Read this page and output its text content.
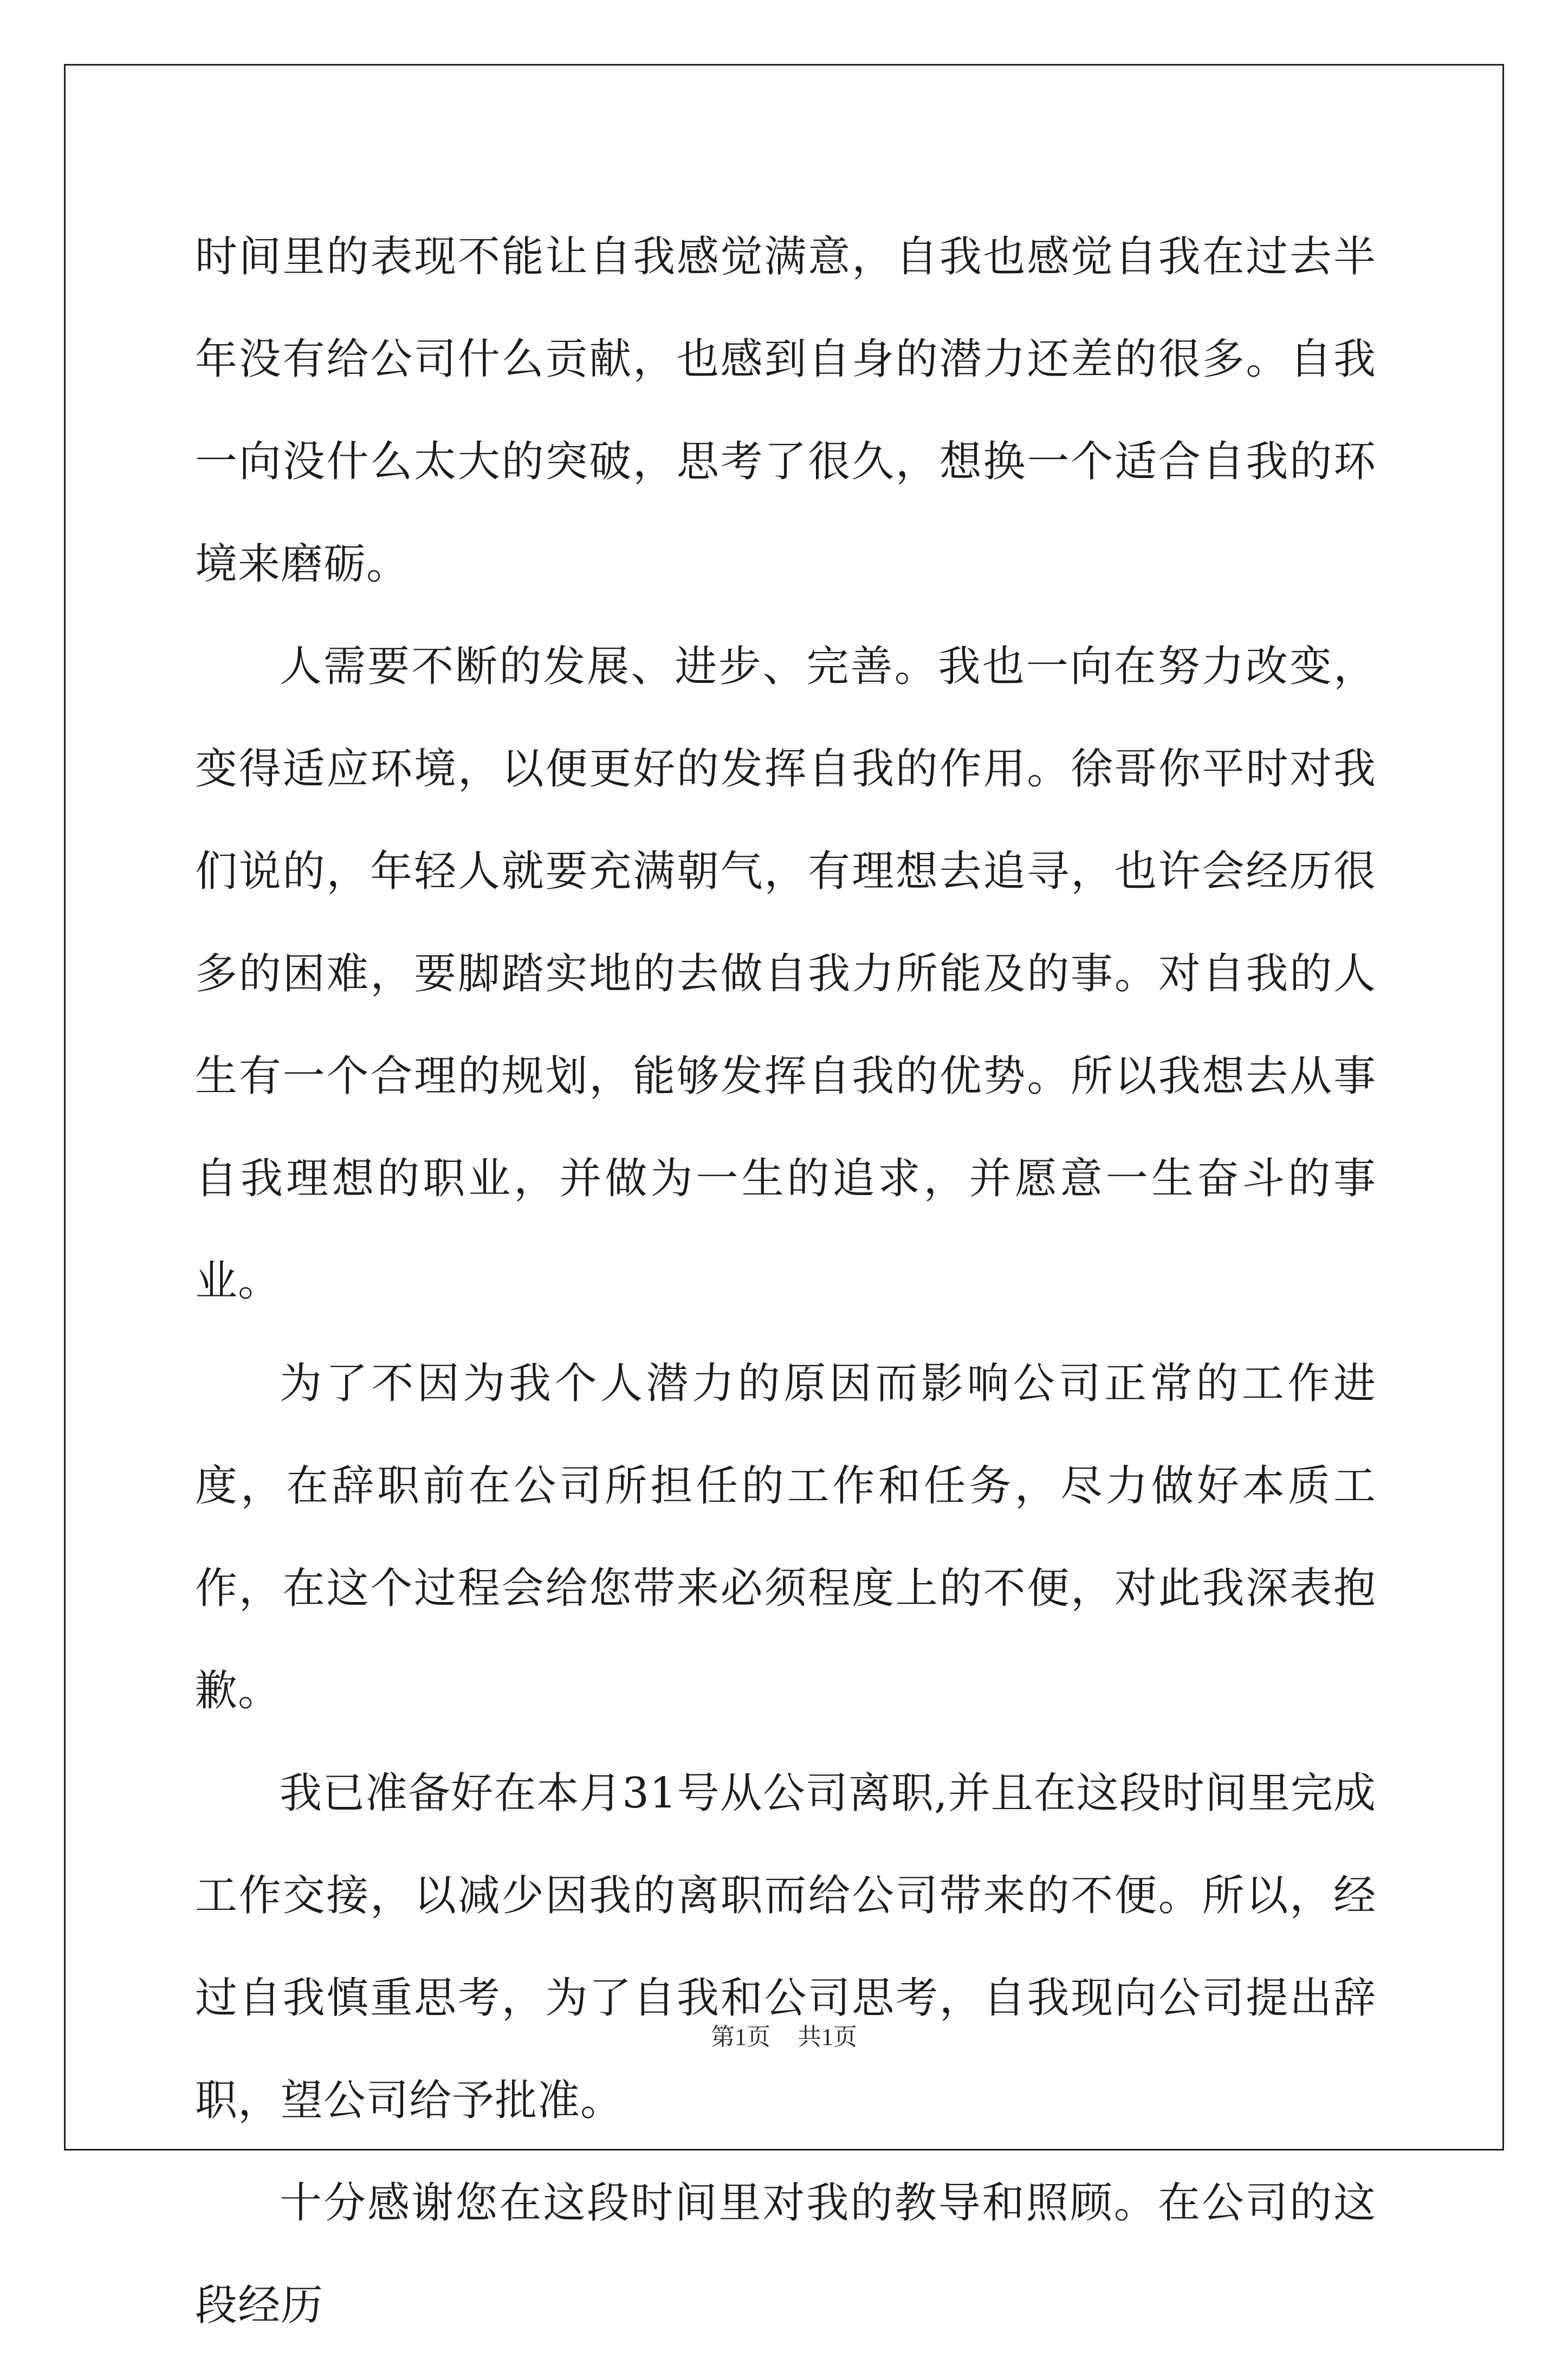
时间里的表现不能让自我感觉满意，自我也感觉自我在过去半年没有给公司什么贡献，也感到自身的潜力还差的很多。自我一向没什么太大的突破，思考了很久，想换一个适合自我的环境来磨砺。

人需要不断的发展、进步、完善。我也一向在努力改变，变得适应环境，以便更好的发挥自我的作用。徐哥你平时对我们说的，年轻人就要充满朝气，有理想去追寻，也许会经历很多的困难，要脚踏实地的去做自我力所能及的事。对自我的人生有一个合理的规划，能够发挥自我的优势。所以我想去从事自我理想的职业，并做为一生的追求，并愿意一生奋斗的事业。

为了不因为我个人潜力的原因而影响公司正常的工作进度，在辞职前在公司所担任的工作和任务，尽力做好本质工作，在这个过程会给您带来必须程度上的不便，对此我深表抱歉。

我已准备好在本月31号从公司离职,并且在这段时间里完成工作交接，以减少因我的离职而给公司带来的不便。所以，经过自我慎重思考，为了自我和公司思考，自我现向公司提出辞职，望公司给予批准。

十分感谢您在这段时间里对我的教导和照顾。在公司的这段经历

第1页 共1页
